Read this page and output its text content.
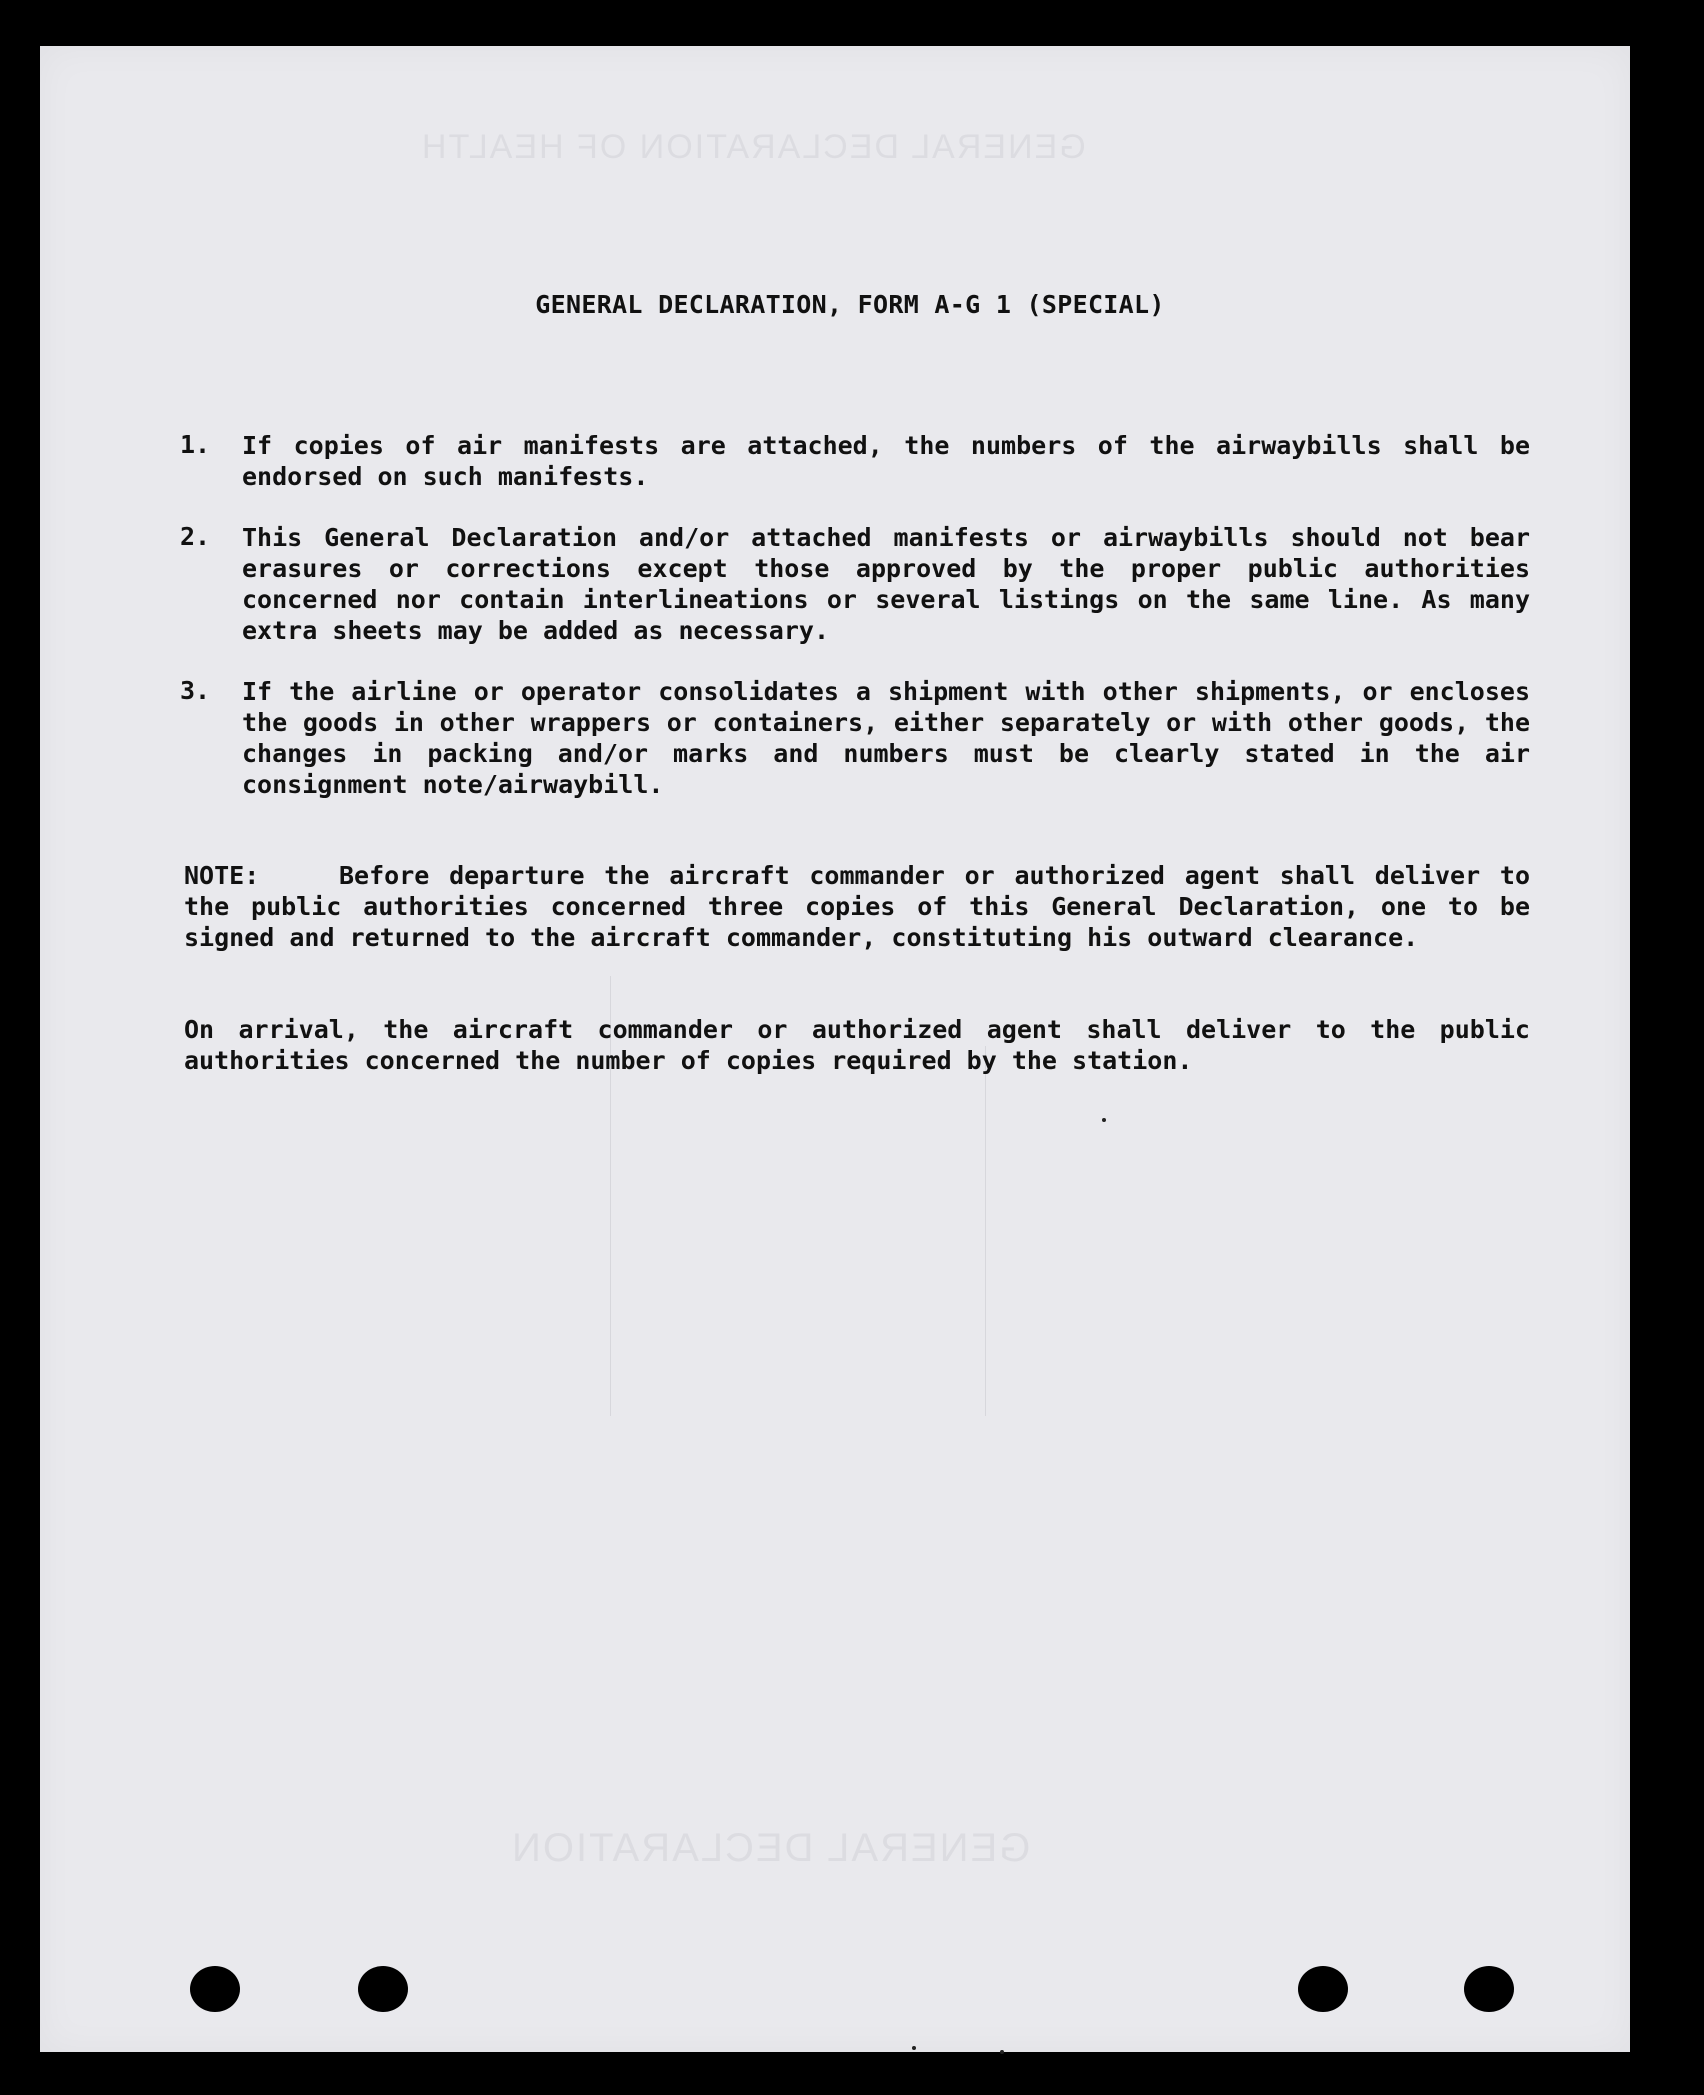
GENERAL DECLARATION OF HEALTH
GENERAL DECLARATION
GENERAL DECLARATION, FORM A-G 1 (SPECIAL)
1. If copies of air manifests are attached, the numbers of the airwaybills shall be endorsed on such manifests.
2. This General Declaration and/or attached manifests or airwaybills should not bear erasures or corrections except those approved by the proper public authorities concerned nor contain interlineations or several listings on the same line. As many extra sheets may be added as necessary.
3. If the airline or operator consolidates a shipment with other shipments, or encloses the goods in other wrappers or containers, either separately or with other goods, the changes in packing and/or marks and numbers must be clearly stated in the air consignment note/airwaybill.

NOTE:	Before departure the aircraft commander or authorized agent shall deliver to the public authorities concerned three copies of this General Declaration, one to be signed and returned to the aircraft commander, constituting his outward clearance.

On arrival, the aircraft commander or authorized agent shall deliver to the public authorities concerned the number of copies required by the station.
